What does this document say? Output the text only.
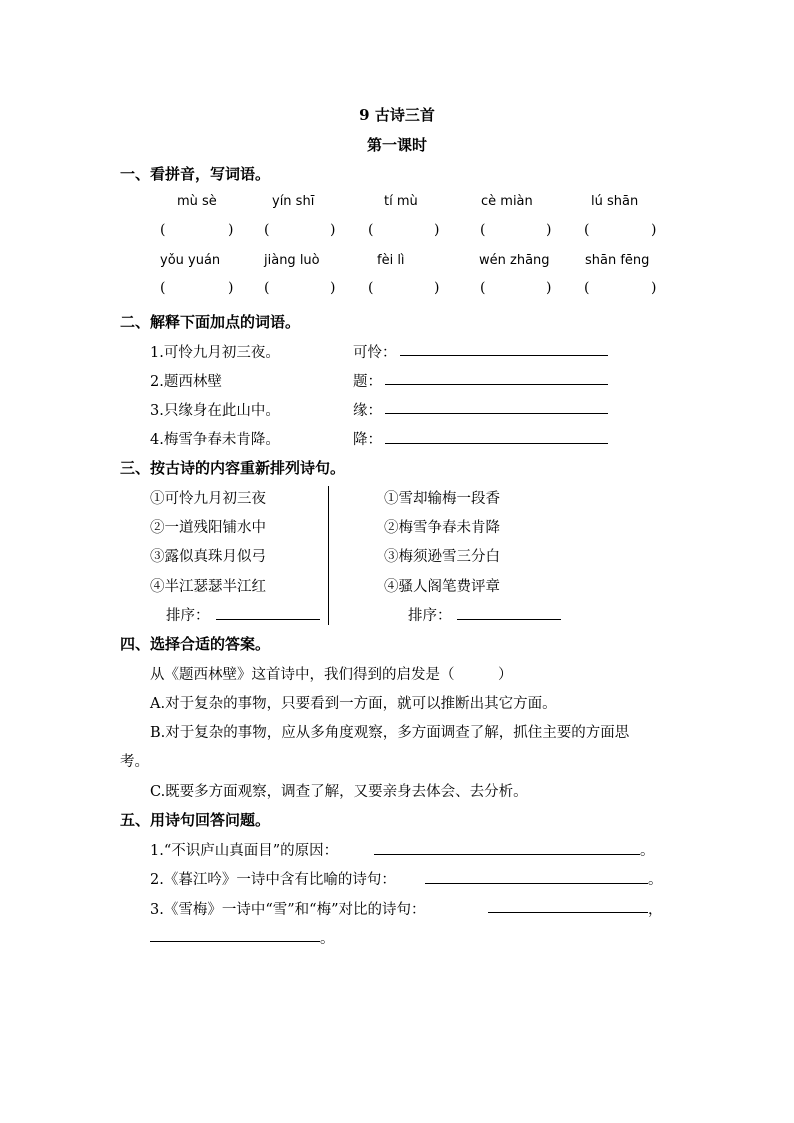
9 古诗三首
第一课时
一、看拼音，写词语。
mù sè	yín shī	tí mù	cè miàn	lú shān
(	) (	) (	)	(	) (	)
yǒu yuán	jiàng luò	fèi lì	wén zhāng	shān fēng
(	) (	) (	)	(	) (	)
二、解释下面加点的词语。
1.可怜九月初三夜。	可怜：
2.题西林壁	题：
3.只缘身在此山中。	缘：
4.梅雪争春未肯降。	降：
三、按古诗的内容重新排列诗句。
①可怜九月初三夜
②一道残阳铺水中
③露似真珠月似弓
④半江瑟瑟半江红
排序：
①雪却输梅一段香
②梅雪争春未肯降
③梅须逊雪三分白
④骚人阁笔费评章
排序：
四、选择合适的答案。
从《题西林壁》这首诗中，我们得到的启发是（　　　）
A.对于复杂的事物，只要看到一方面，就可以推断出其它方面。
B.对于复杂的事物，应从多角度观察，多方面调查了解，抓住主要的方面思
考。
C.既要多方面观察，调查了解，又要亲身去体会、去分析。
五、用诗句回答问题。
1.“不识庐山真面目”的原因：	。
2.《暮江吟》一诗中含有比喻的诗句：	。
3.《雪梅》一诗中“雪”和“梅”对比的诗句：	，
。
